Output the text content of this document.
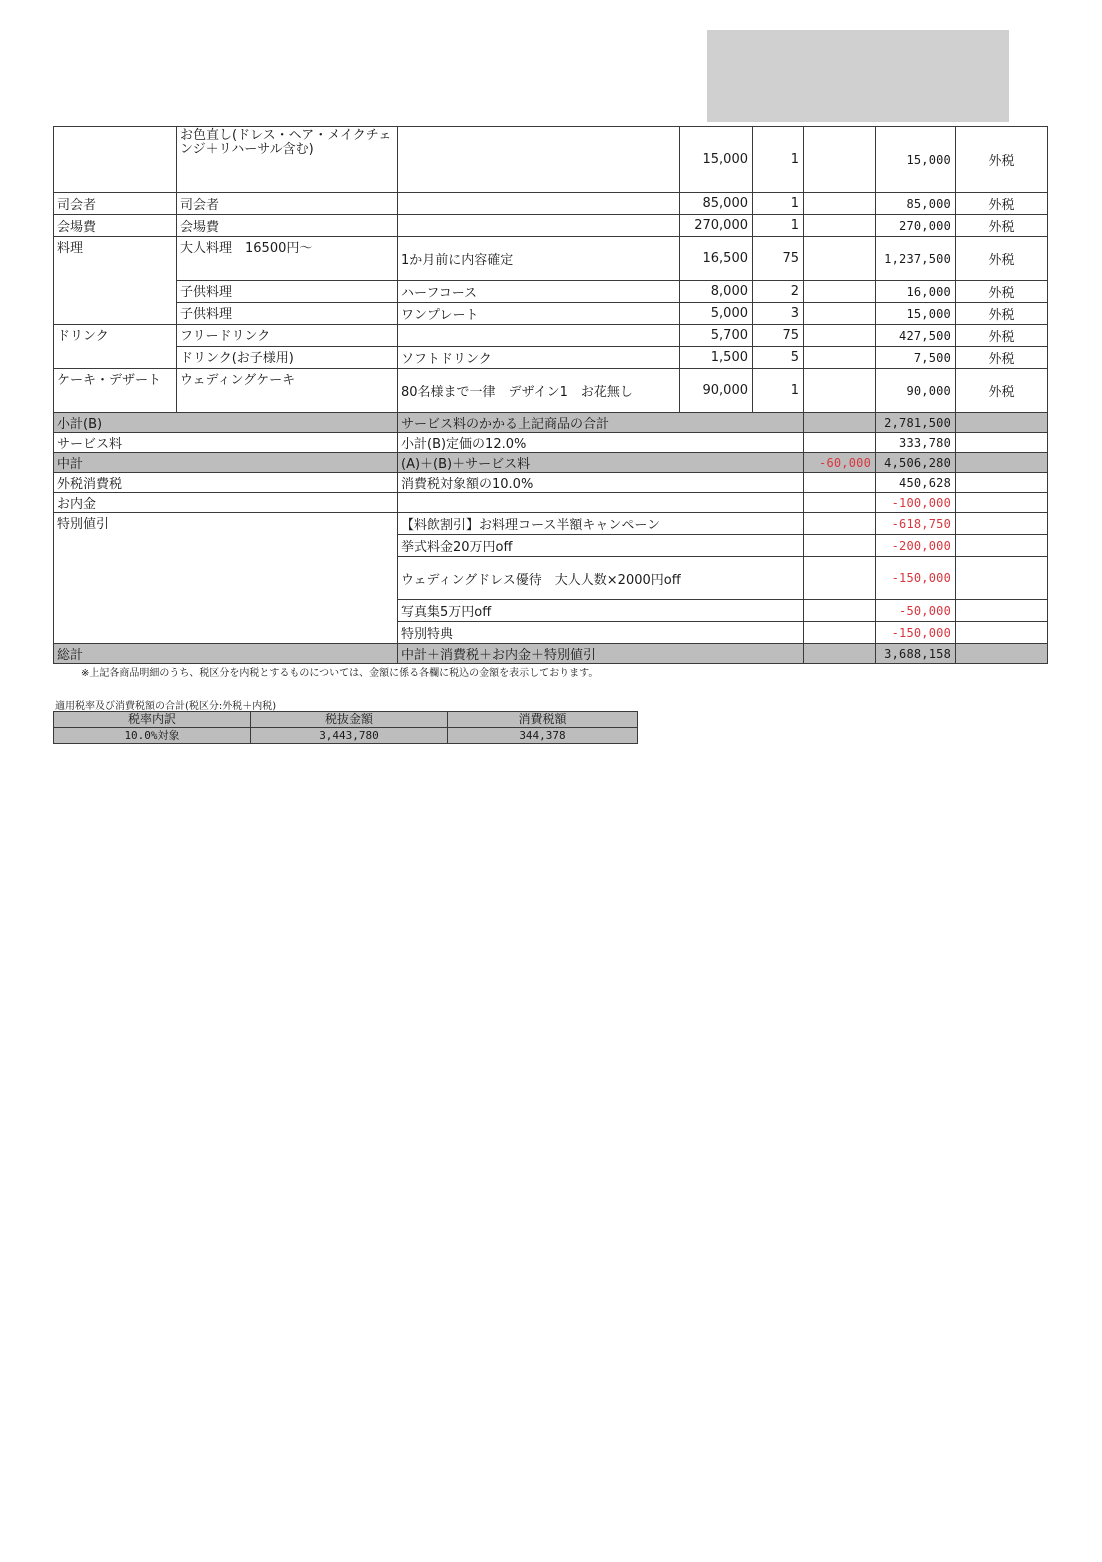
	お色直し(ドレス・ヘア・メイクチェンジ＋リハーサル含む)		15,000	1		15,000	外税
司会者	司会者		85,000	1		85,000	外税
会場費	会場費		270,000	1		270,000	外税
料理	大人料理　16500円～	1か月前に内容確定	16,500	75		1,237,500	外税
	子供料理	ハーフコース	8,000	2		16,000	外税
	子供料理	ワンプレート	5,000	3		15,000	外税
ドリンク	フリードリンク		5,700	75		427,500	外税
	ドリンク(お子様用)	ソフトドリンク	1,500	5		7,500	外税
ケーキ・デザート	ウェディングケーキ	80名様まで一律　デザイン1　お花無し	90,000	1		90,000	外税
小計(B)		サービス料のかかる上記商品の合計				2,781,500	
サービス料		小計(B)定価の12.0%				333,780	
中計		(A)＋(B)＋サービス料			-60,000	4,506,280	
外税消費税		消費税対象額の10.0%				450,628	
お内金						-100,000	
特別値引		【料飲割引】お料理コース半額キャンペーン				-618,750	
		挙式料金20万円off				-200,000	
		ウェディングドレス優待　大人人数×2000円off				-150,000	
		写真集5万円off				-50,000	
		特別特典				-150,000	
総計		中計＋消費税＋お内金＋特別値引				3,688,158	
※上記各商品明細のうち、税区分を内税とするものについては、金額に係る各欄に税込の金額を表示しております。
適用税率及び消費税額の合計(税区分:外税＋内税)
税率内訳	税抜金額	消費税額
10.0%対象	3,443,780	344,378
